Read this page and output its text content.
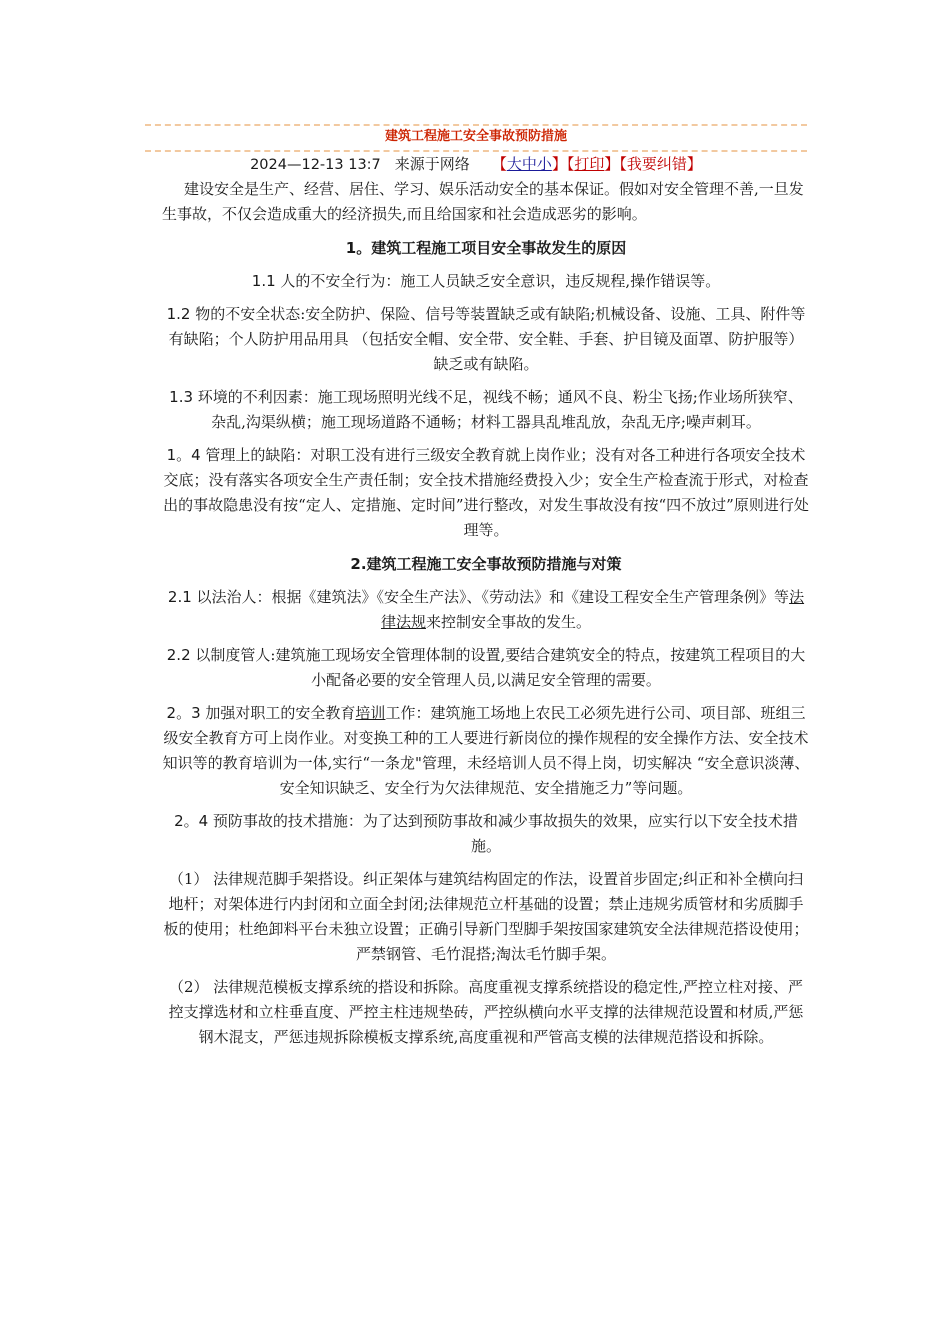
建筑工程施工安全事故预防措施
2024—12-13 13:7 来源于网络 【大中小】【打印】【我要纠错】

建设安全是生产、经营、居住、学习、娱乐活动安全的基本保证。假如对安全管理不善,一旦发生事故，不仅会造成重大的经济损失,而且给国家和社会造成恶劣的影响。

1。建筑工程施工项目安全事故发生的原因

1.1 人的不安全行为：施工人员缺乏安全意识，违反规程,操作错误等。

1.2 物的不安全状态:安全防护、保险、信号等装置缺乏或有缺陷;机械设备、设施、工具、附件等有缺陷；个人防护用品用具 （包括安全帽、安全带、安全鞋、手套、护目镜及面罩、防护服等）缺乏或有缺陷。

1.3 环境的不利因素：施工现场照明光线不足，视线不畅；通风不良、粉尘飞扬;作业场所狭窄、杂乱,沟渠纵横；施工现场道路不通畅；材料工器具乱堆乱放，杂乱无序;噪声刺耳。

1。4 管理上的缺陷：对职工没有进行三级安全教育就上岗作业；没有对各工种进行各项安全技术交底；没有落实各项安全生产责任制；安全技术措施经费投入少；安全生产检查流于形式，对检查出的事故隐患没有按“定人、定措施、定时间”进行整改，对发生事故没有按“四不放过”原则进行处理等。

2.建筑工程施工安全事故预防措施与对策

2.1 以法治人：根据《建筑法》《安全生产法》、《劳动法》和《建设工程安全生产管理条例》等法律法规来控制安全事故的发生。

2.2 以制度管人:建筑施工现场安全管理体制的设置,要结合建筑安全的特点，按建筑工程项目的大小配备必要的安全管理人员,以满足安全管理的需要。

2。3 加强对职工的安全教育培训工作：建筑施工场地上农民工必须先进行公司、项目部、班组三级安全教育方可上岗作业。对变换工种的工人要进行新岗位的操作规程的安全操作方法、安全技术知识等的教育培训为一体,实行“一条龙"管理，未经培训人员不得上岗，切实解决 “安全意识淡薄、安全知识缺乏、安全行为欠法律规范、安全措施乏力”等问题。

2。4 预防事故的技术措施：为了达到预防事故和减少事故损失的效果，应实行以下安全技术措施。

（1） 法律规范脚手架搭设。纠正架体与建筑结构固定的作法，设置首步固定;纠正和补全横向扫地杆；对架体进行内封闭和立面全封闭;法律规范立杆基础的设置；禁止违规劣质管材和劣质脚手板的使用；杜绝卸料平台未独立设置；正确引导新门型脚手架按国家建筑安全法律规范搭设使用；严禁钢管、毛竹混搭;淘汰毛竹脚手架。

（2） 法律规范模板支撑系统的搭设和拆除。高度重视支撑系统搭设的稳定性,严控立柱对接、严控支撑选材和立柱垂直度、严控主柱违规垫砖，严控纵横向水平支撑的法律规范设置和材质,严惩钢木混支，严惩违规拆除模板支撑系统,高度重视和严管高支模的法律规范搭设和拆除。
